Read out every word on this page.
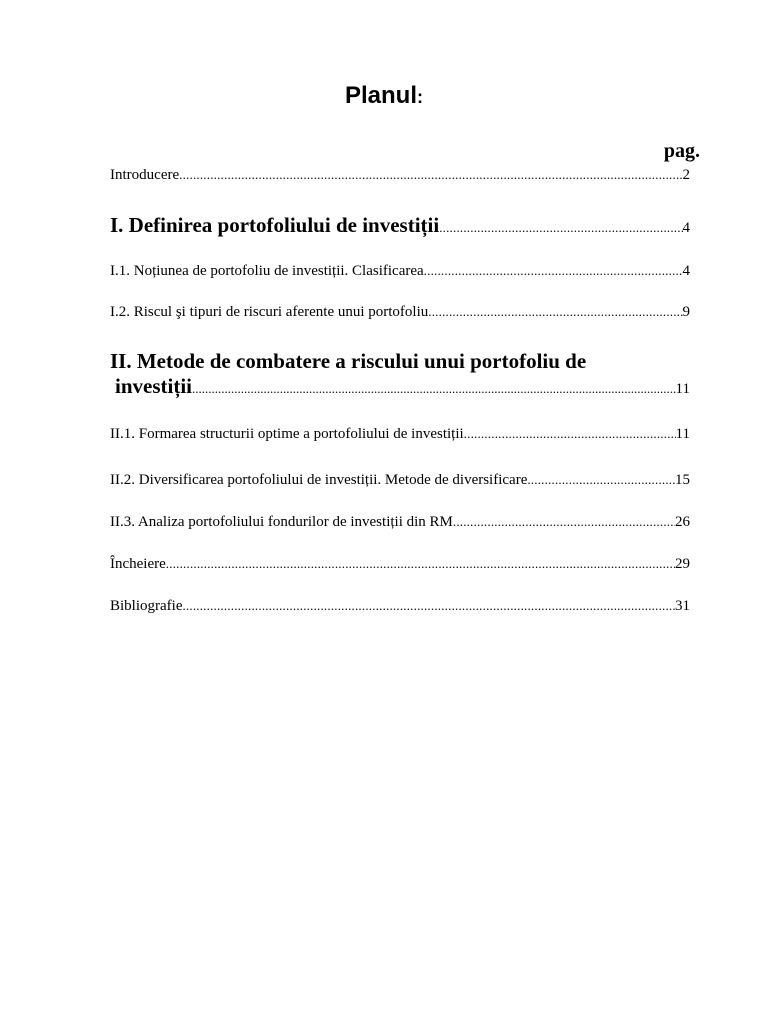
Planul:
pag.
Introducere .....	2
I. Definirea portofoliului de investiții .....	4
I.1. Noțiunea de portofoliu de investiții. Clasificarea .....	4
I.2. Riscul şi tipuri de riscuri aferente unui portofoliu .....	9
II. Metode de combatere a riscului unui portofoliu de
investiții .....	11
II.1. Formarea structurii optime a portofoliului de investiții .....	11
II.2. Diversificarea portofoliului de investiții. Metode de diversificare .....	15
II.3. Analiza portofoliului fondurilor de investiții din RM .....	26
Încheiere .....	29
Bibliografie .....	31
